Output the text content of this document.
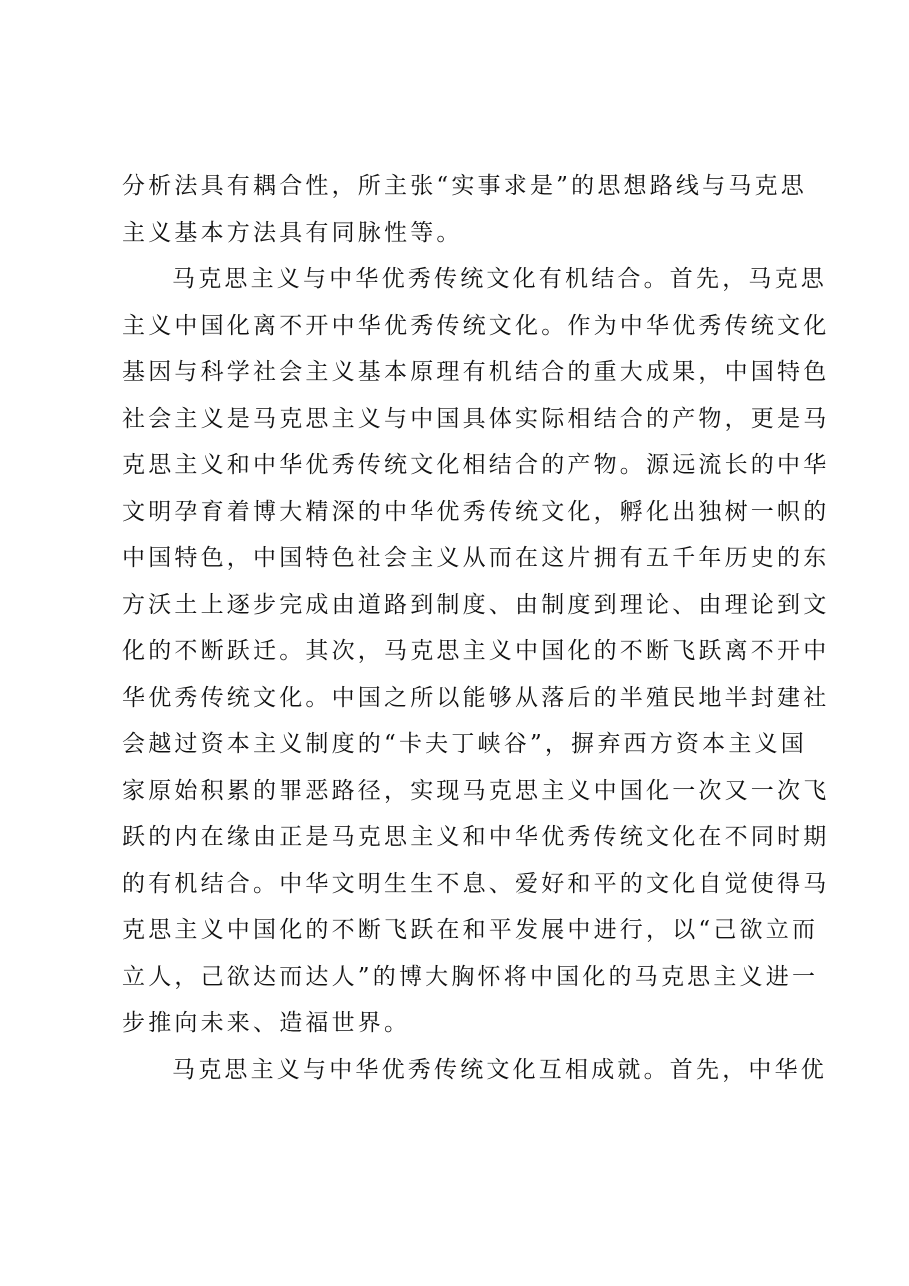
分析法具有耦合性，所主张“实事求是”的思想路线与马克思
主义基本方法具有同脉性等。
马克思主义与中华优秀传统文化有机结合。首先，马克思
主义中国化离不开中华优秀传统文化。作为中华优秀传统文化
基因与科学社会主义基本原理有机结合的重大成果，中国特色
社会主义是马克思主义与中国具体实际相结合的产物，更是马
克思主义和中华优秀传统文化相结合的产物。源远流长的中华
文明孕育着博大精深的中华优秀传统文化，孵化出独树一帜的
中国特色，中国特色社会主义从而在这片拥有五千年历史的东
方沃土上逐步完成由道路到制度、由制度到理论、由理论到文
化的不断跃迁。其次，马克思主义中国化的不断飞跃离不开中
华优秀传统文化。中国之所以能够从落后的半殖民地半封建社
会越过资本主义制度的“卡夫丁峡谷”，摒弃西方资本主义国
家原始积累的罪恶路径，实现马克思主义中国化一次又一次飞
跃的内在缘由正是马克思主义和中华优秀传统文化在不同时期
的有机结合。中华文明生生不息、爱好和平的文化自觉使得马
克思主义中国化的不断飞跃在和平发展中进行，以“己欲立而
立人，己欲达而达人”的博大胸怀将中国化的马克思主义进一
步推向未来、造福世界。
马克思主义与中华优秀传统文化互相成就。首先，中华优
